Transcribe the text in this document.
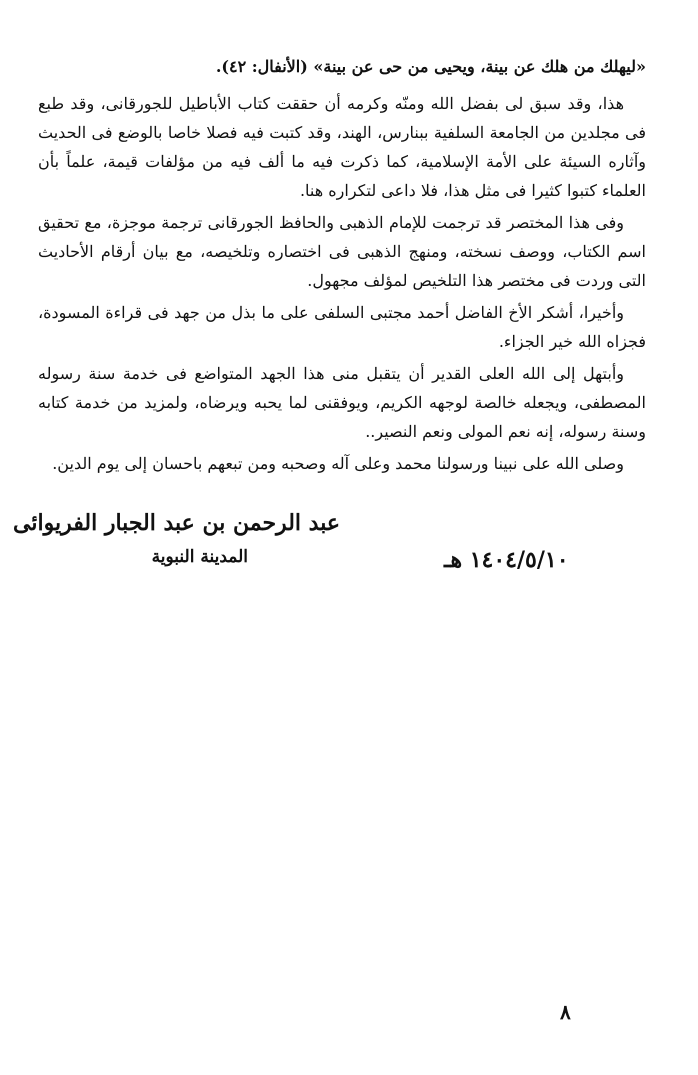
«ليهلك من هلك عن بينة، ويحيى من حى عن بينة» (الأنفال: ٤٢).

هذا، وقد سبق لى بفضل الله ومنّه وكرمه أن حققت كتاب الأباطيل للجورقانى، وقد طبع فى مجلدين من الجامعة السلفية ببنارس، الهند، وقد كتبت فيه فصلا خاصا بالوضع فى الحديث وآثاره السيئة على الأمة الإسلامية، كما ذكرت فيه ما ألف فيه من مؤلفات قيمة، علماً بأن العلماء كتبوا كثيرا فى مثل هذا، فلا داعى لتكراره هنا.

وفى هذا المختصر قد ترجمت للإمام الذهبى والحافظ الجورقانى ترجمة موجزة، مع تحقيق اسم الكتاب، ووصف نسخته، ومنهج الذهبى فى اختصاره وتلخيصه، مع بيان أرقام الأحاديث التى وردت فى مختصر هذا التلخيص لمؤلف مجهول.

وأخيرا، أشكر الأخ الفاضل أحمد مجتبى السلفى على ما بذل من جهد فى قراءة المسودة، فجزاه الله خير الجزاء.

وأبتهل إلى الله العلى القدير أن يتقبل منى هذا الجهد المتواضع فى خدمة سنة رسوله المصطفى، ويجعله خالصة لوجهه الكريم، ويوفقنى لما يحبه ويرضاه، ولمزيد من خدمة كتابه وسنة رسوله، إنه نعم المولى ونعم النصير..

وصلى الله على نبينا ورسولنا محمد وعلى آله وصحبه ومن تبعهم باحسان إلى يوم الدين.

عبد الرحمن بن عبد الجبار الفريوائى
المدينة النبوية	١٤٠٤/٥/١٠ هـ
٨
